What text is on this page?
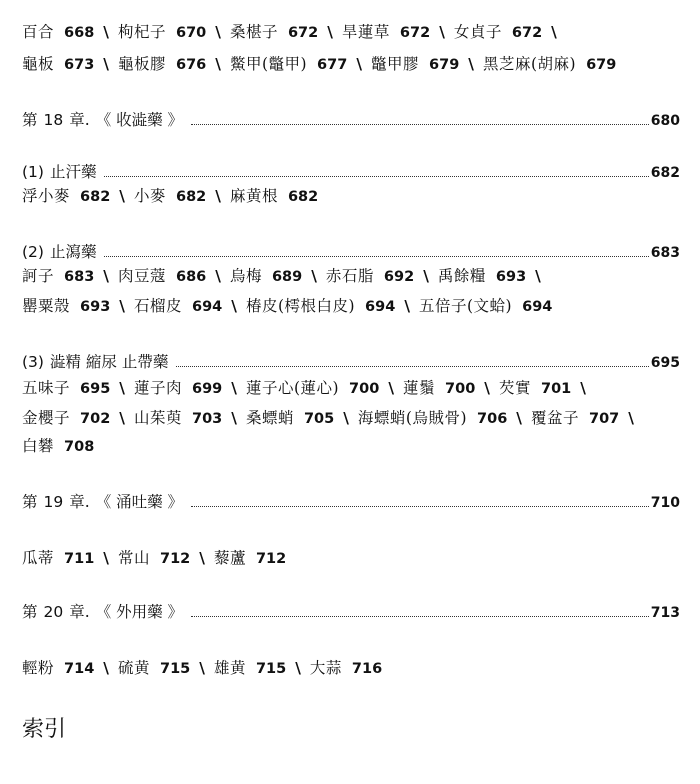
百合 668 \ 枸杞子 670 \ 桑椹子 672 \ 旱蓮草 672 \ 女貞子 672 \
龜板 673 \ 龜板膠 676 \ 鱉甲(鼈甲) 677 \ 鼈甲膠 679 \ 黑芝麻(胡麻) 679
第 18 章. 《 收澁藥 》	680
(1) 止汗藥	682
浮小麥 682 \ 小麥 682 \ 麻黄根 682
(2) 止瀉藥	683
訶子 683 \ 肉豆蔻 686 \ 烏梅 689 \ 赤石脂 692 \ 禹餘糧 693 \
罌粟殼 693 \ 石榴皮 694 \ 椿皮(樗根白皮) 694 \ 五倍子(文蛤) 694
(3) 澁精 縮尿 止帶藥	695
五味子 695 \ 蓮子肉 699 \ 蓮子心(蓮心) 700 \ 蓮鬚 700 \ 芡實 701 \
金櫻子 702 \ 山茱萸 703 \ 桑螵蛸 705 \ 海螵蛸(烏賊骨) 706 \ 覆盆子 707 \
白礬 708
第 19 章. 《 涌吐藥 》	710
瓜蒂 711 \ 常山 712 \ 藜蘆 712
第 20 章. 《 外用藥 》	713
輕粉 714 \ 硫黄 715 \ 雄黄 715 \ 大蒜 716
索引
